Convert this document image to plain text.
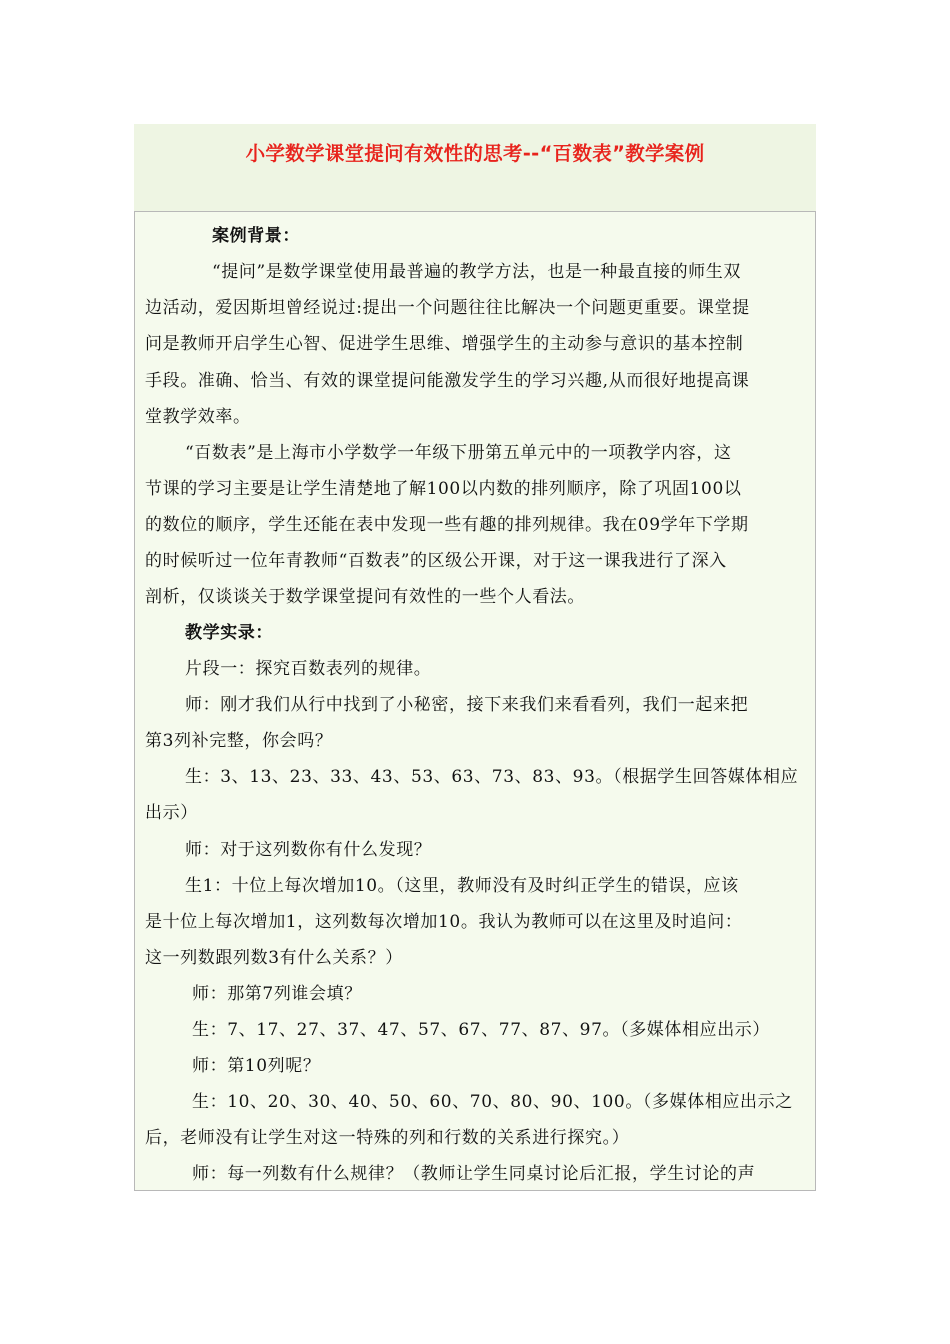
小学数学课堂提问有效性的思考--“百数表”教学案例
案例背景：
“提问”是数学课堂使用最普遍的教学方法，也是一种最直接的师生双
边活动，爱因斯坦曾经说过:提出一个问题往往比解决一个问题更重要。课堂提
问是教师开启学生心智、促进学生思维、增强学生的主动参与意识的基本控制
手段。准确、恰当、有效的课堂提问能激发学生的学习兴趣,从而很好地提高课
堂教学效率。
“百数表”是上海市小学数学一年级下册第五单元中的一项教学内容，这
节课的学习主要是让学生清楚地了解100以内数的排列顺序，除了巩固100以
的数位的顺序，学生还能在表中发现一些有趣的排列规律。我在09学年下学期
的时候听过一位年青教师“百数表”的区级公开课，对于这一课我进行了深入
剖析，仅谈谈关于数学课堂提问有效性的一些个人看法。
教学实录：
片段一：探究百数表列的规律。
师：刚才我们从行中找到了小秘密，接下来我们来看看列，我们一起来把
第3列补完整，你会吗？
生：3、13、23、33、43、53、63、73、83、93。（根据学生回答媒体相应
出示）
师：对于这列数你有什么发现？
生1：十位上每次增加10。（这里，教师没有及时纠正学生的错误，应该
是十位上每次增加1，这列数每次增加10。我认为教师可以在这里及时追问：
这一列数跟列数3有什么关系？）
师：那第7列谁会填？
生：7、17、27、37、47、57、67、77、87、97。（多媒体相应出示）
师：第10列呢？
生：10、20、30、40、50、60、70、80、90、100。（多媒体相应出示之
后，老师没有让学生对这一特殊的列和行数的关系进行探究。）
师：每一列数有什么规律？（教师让学生同桌讨论后汇报，学生讨论的声
